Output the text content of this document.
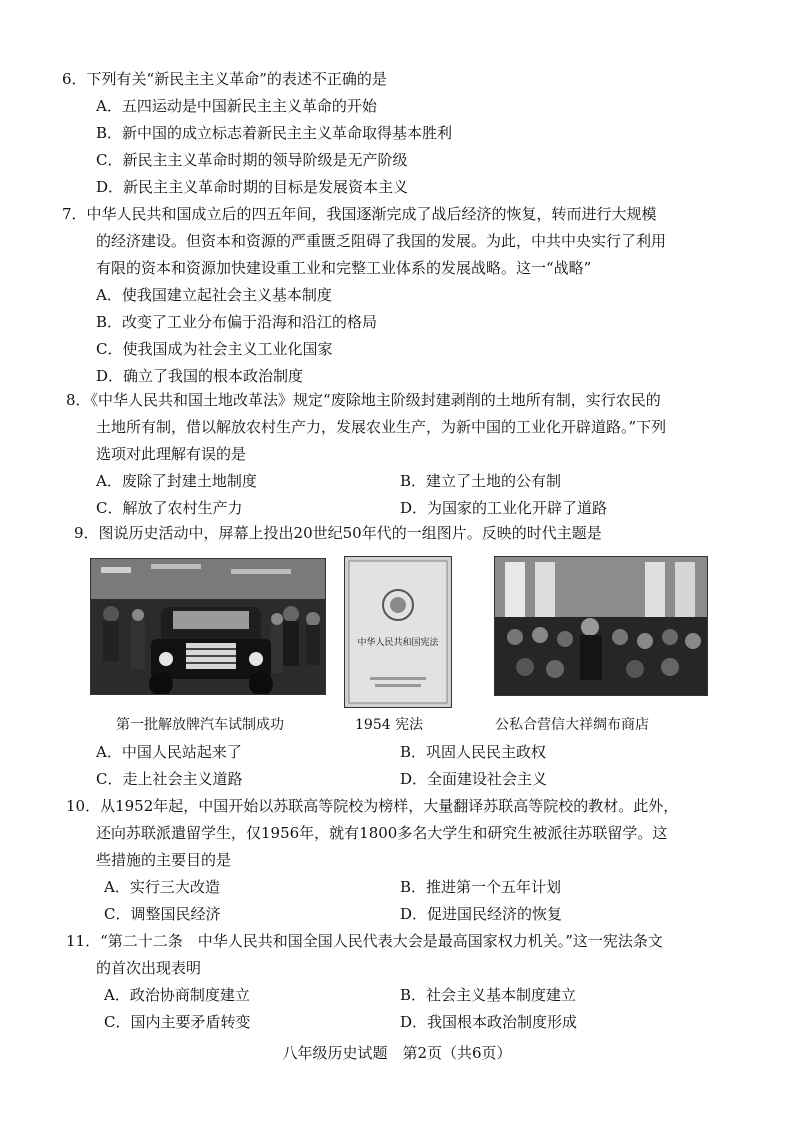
6．下列有关“新民主主义革命”的表述不正确的是
A．五四运动是中国新民主主义革命的开始
B．新中国的成立标志着新民主主义革命取得基本胜利
C．新民主主义革命时期的领导阶级是无产阶级
D．新民主主义革命时期的目标是发展资本主义
7．中华人民共和国成立后的四五年间，我国逐渐完成了战后经济的恢复，转而进行大规模
的经济建设。但资本和资源的严重匮乏阻碍了我国的发展。为此，中共中央实行了利用
有限的资本和资源加快建设重工业和完整工业体系的发展战略。这一“战略”
A．使我国建立起社会主义基本制度
B．改变了工业分布偏于沿海和沿江的格局
C．使我国成为社会主义工业化国家
D．确立了我国的根本政治制度
8．《中华人民共和国土地改革法》规定“废除地主阶级封建剥削的土地所有制，实行农民的
土地所有制，借以解放农村生产力，发展农业生产，为新中国的工业化开辟道路。”下列
选项对此理解有误的是
A．废除了封建土地制度	B．建立了土地的公有制
C．解放了农村生产力	D．为国家的工业化开辟了道路
9．图说历史活动中，屏幕上投出20世纪50年代的一组图片。反映的时代主题是
中华人民共和国宪法
第一批解放牌汽车试制成功	1954 宪法	公私合营信大祥绸布商店
A．中国人民站起来了	B．巩固人民民主政权
C．走上社会主义道路	D．全面建设社会主义
10．从1952年起，中国开始以苏联高等院校为榜样，大量翻译苏联高等院校的教材。此外，
还向苏联派遣留学生，仅1956年，就有1800多名大学生和研究生被派往苏联留学。这
些措施的主要目的是
A．实行三大改造	B．推进第一个五年计划
C．调整国民经济	D．促进国民经济的恢复
11．“第二十二条　中华人民共和国全国人民代表大会是最高国家权力机关。”这一宪法条文
的首次出现表明
A．政治协商制度建立	B．社会主义基本制度建立
C．国内主要矛盾转变	D．我国根本政治制度形成
八年级历史试题　第2页（共6页）
